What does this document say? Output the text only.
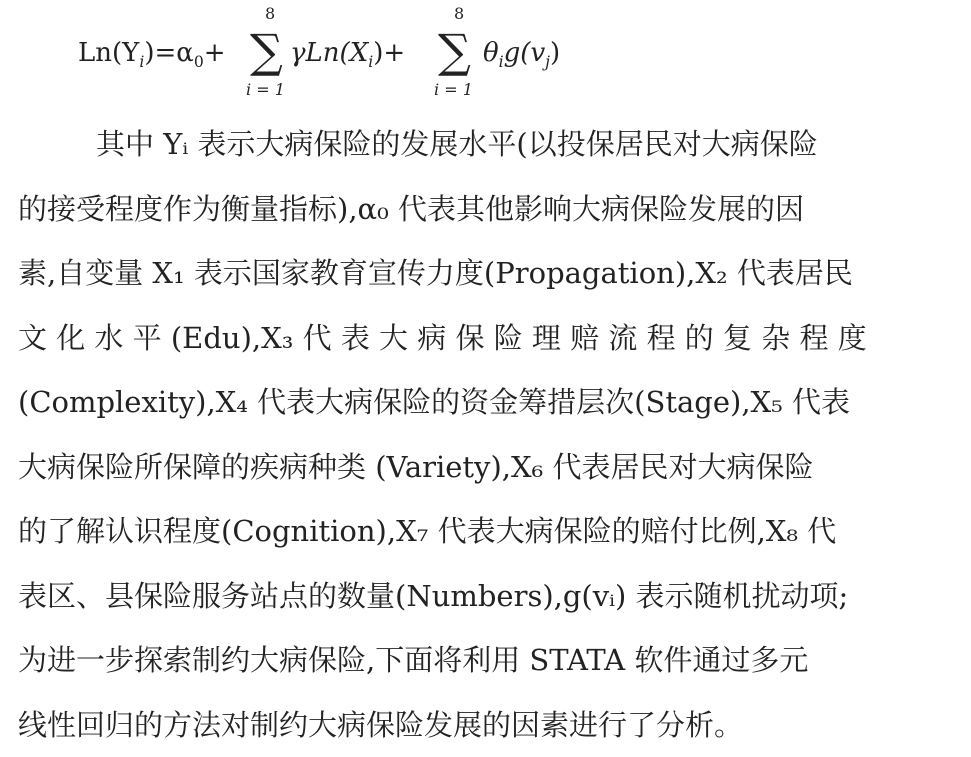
$Ln(Y_i)=\alpha_0+$
8
∑
i = 1
$\gamma Ln(X_i)+$
8
∑
i = 1
$\theta_ig(v_j)$

其中 Yᵢ 表示大病保险的发展水平(以投保居民对大病保险

的接受程度作为衡量指标),α₀ 代表其他影响大病保险发展的因

素,自变量 X₁ 表示国家教育宣传力度(Propagation),X₂ 代表居民

文 化 水 平 (Edu),X₃ 代 表 大 病 保 险 理 赔 流 程 的 复 杂 程 度

(Complexity),X₄ 代表大病保险的资金筹措层次(Stage),X₅ 代表

大病保险所保障的疾病种类 (Variety),X₆ 代表居民对大病保险

的了解认识程度(Cognition),X₇ 代表大病保险的赔付比例,X₈ 代

表区、县保险服务站点的数量(Numbers),g(vᵢ) 表示随机扰动项;

为进一步探索制约大病保险,下面将利用 STATA 软件通过多元

线性回归的方法对制约大病保险发展的因素进行了分析。
